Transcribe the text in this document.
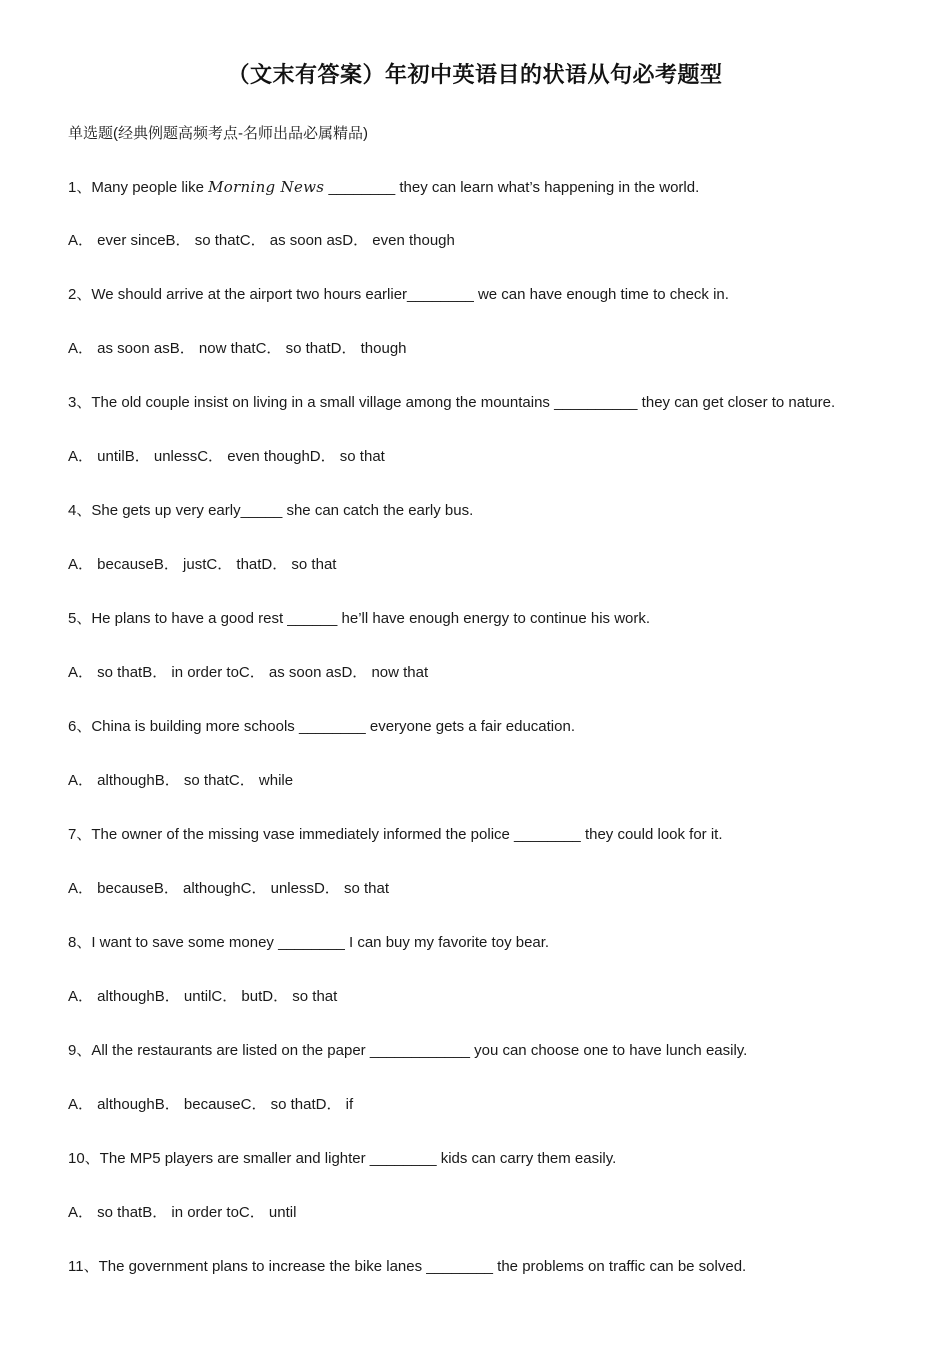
（文末有答案）年初中英语目的状语从句必考题型
单选题(经典例题高频考点-名师出品必属精品)
1、Many people like Morning News ________ they can learn what’s happening in the world.
A． ever sinceB． so thatC． as soon asD． even though
2、We should arrive at the airport two hours earlier________ we can have enough time to check in.
A． as soon asB． now thatC． so thatD． though
3、The old couple insist on living in a small village among the mountains __________ they can get closer to nature.
A． untilB． unlessC． even thoughD． so that
4、She gets up very early_____ she can catch the early bus.
A． becauseB． justC． thatD． so that
5、He plans to have a good rest ______ he’ll have enough energy to continue his work.
A． so thatB． in order toC． as soon asD． now that
6、China is building more schools ________ everyone gets a fair education.
A． althoughB． so thatC． while
7、The owner of the missing vase immediately informed the police ________ they could look for it.
A． becauseB． althoughC． unlessD． so that
8、I want to save some money ________ I can buy my favorite toy bear.
A． althoughB． untilC． butD． so that
9、All the restaurants are listed on the paper ____________ you can choose one to have lunch easily.
A． althoughB． becauseC． so thatD． if
10、The MP5 players are smaller and lighter ________ kids can carry them easily.
A． so thatB． in order toC． until
11、The government plans to increase the bike lanes ________ the problems on traffic can be solved.
